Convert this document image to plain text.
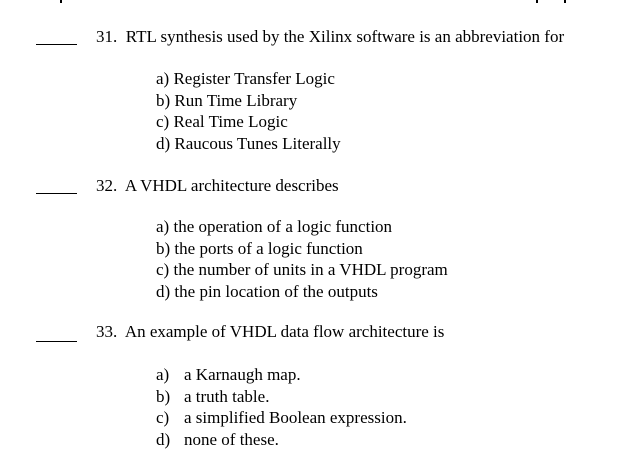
31. RTL synthesis used by the Xilinx software is an abbreviation for
a) Register Transfer Logic
b) Run Time Library
c) Real Time Logic
d) Raucous Tunes Literally
32. A VHDL architecture describes
a) the operation of a logic function
b) the ports of a logic function
c) the number of units in a VHDL program
d) the pin location of the outputs
33. An example of VHDL data flow architecture is
a) a Karnaugh map.
b) a truth table.
c) a simplified Boolean expression.
d) none of these.
